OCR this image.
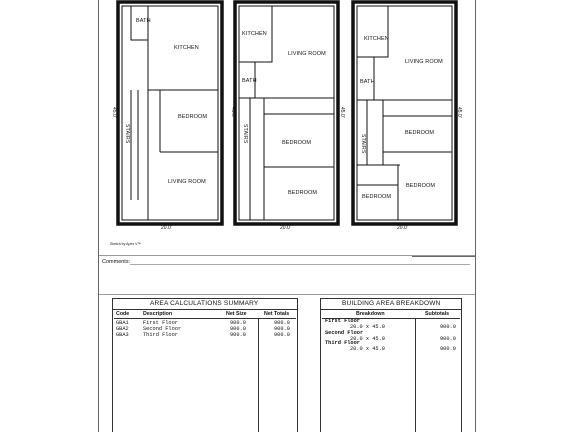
BATH
KITCHEN
BEDROOM
LIVING ROOM
STAIRS
20.0'
45.0'
KITCHEN
LIVING ROOM
BATH
BEDROOM
BEDROOM
STAIRS
20.0'
45.0'	45.0'
KITCHEN
LIVING ROOM
BATH
BEDROOM
BEDROOM
BEDROOM
STAIRS
20.0'
45.0'
Sketch by Apex V™
Comments:
AREA CALCULATIONS SUMMARY
Code	Description	Net Size	Net Totals
GBA1	First Floor	900.0	900.0
GBA2	Second Floor	900.0	900.0
GBA3	Third Floor	900.0	900.0
BUILDING AREA BREAKDOWN
Breakdown	Subtotals
First Floor
20.0 x 45.0	900.0
Second Floor
20.0 x 45.0	900.0
Third Floor
20.0 x 45.0	900.0
